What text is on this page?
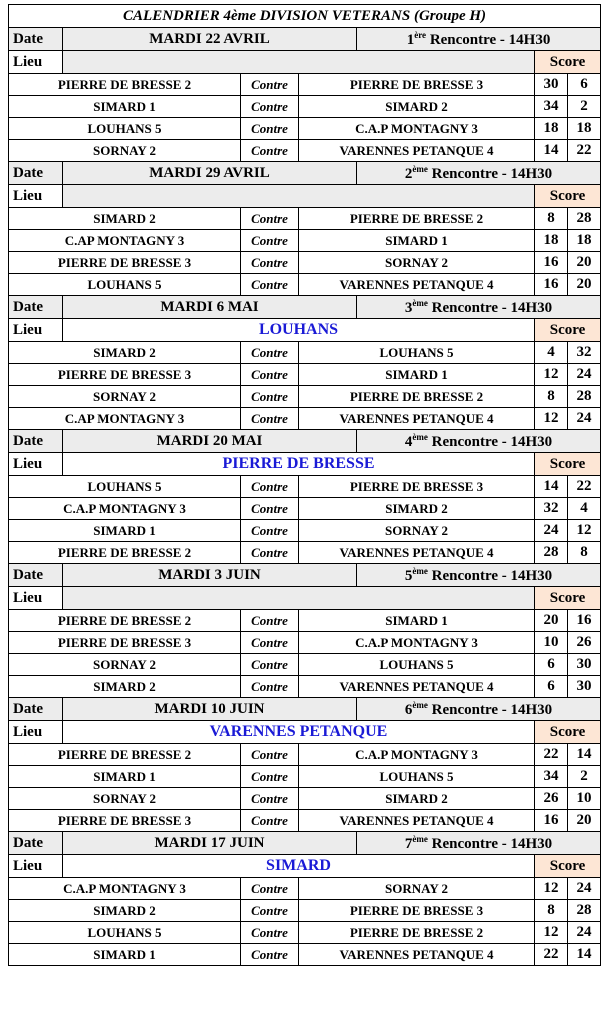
CALENDRIER 4ème DIVISION VETERANS (Groupe H)						
Date	MARDI 22 AVRIL			1ère Rencontre - 14H30		
Lieu					Score	
PIERRE DE BRESSE 2		Contre	PIERRE DE BRESSE 3		30	6
SIMARD 1		Contre	SIMARD 2		34	2
LOUHANS 5		Contre	C.A.P MONTAGNY 3		18	18
SORNAY 2		Contre	VARENNES PETANQUE 4		14	22
Date	MARDI 29 AVRIL			2ème Rencontre - 14H30		
Lieu					Score	
SIMARD 2		Contre	PIERRE DE BRESSE 2		8	28
C.AP MONTAGNY 3		Contre	SIMARD 1		18	18
PIERRE DE BRESSE 3		Contre	SORNAY 2		16	20
LOUHANS 5		Contre	VARENNES PETANQUE 4		16	20
Date	MARDI 6 MAI			3ème Rencontre - 14H30		
Lieu	LOUHANS				Score	
SIMARD 2		Contre	LOUHANS 5		4	32
PIERRE DE BRESSE 3		Contre	SIMARD 1		12	24
SORNAY 2		Contre	PIERRE DE BRESSE 2		8	28
C.AP MONTAGNY 3		Contre	VARENNES PETANQUE 4		12	24
Date	MARDI 20 MAI			4ème Rencontre - 14H30		
Lieu	PIERRE DE BRESSE				Score	
LOUHANS 5		Contre	PIERRE DE BRESSE 3		14	22
C.A.P MONTAGNY 3		Contre	SIMARD 2		32	4
SIMARD 1		Contre	SORNAY 2		24	12
PIERRE DE BRESSE 2		Contre	VARENNES PETANQUE 4		28	8
Date	MARDI 3 JUIN			5ème Rencontre - 14H30		
Lieu					Score	
PIERRE DE BRESSE 2		Contre	SIMARD 1		20	16
PIERRE DE BRESSE 3		Contre	C.A.P MONTAGNY 3		10	26
SORNAY 2		Contre	LOUHANS 5		6	30
SIMARD 2		Contre	VARENNES PETANQUE 4		6	30
Date	MARDI 10 JUIN			6ème Rencontre - 14H30		
Lieu	VARENNES PETANQUE				Score	
PIERRE DE BRESSE 2		Contre	C.A.P MONTAGNY 3		22	14
SIMARD 1		Contre	LOUHANS 5		34	2
SORNAY 2		Contre	SIMARD 2		26	10
PIERRE DE BRESSE 3		Contre	VARENNES PETANQUE 4		16	20
Date	MARDI 17 JUIN			7ème Rencontre - 14H30		
Lieu	SIMARD				Score	
C.A.P MONTAGNY 3		Contre	SORNAY 2		12	24
SIMARD 2		Contre	PIERRE DE BRESSE 3		8	28
LOUHANS 5		Contre	PIERRE DE BRESSE 2		12	24
SIMARD 1		Contre	VARENNES PETANQUE 4		22	14
